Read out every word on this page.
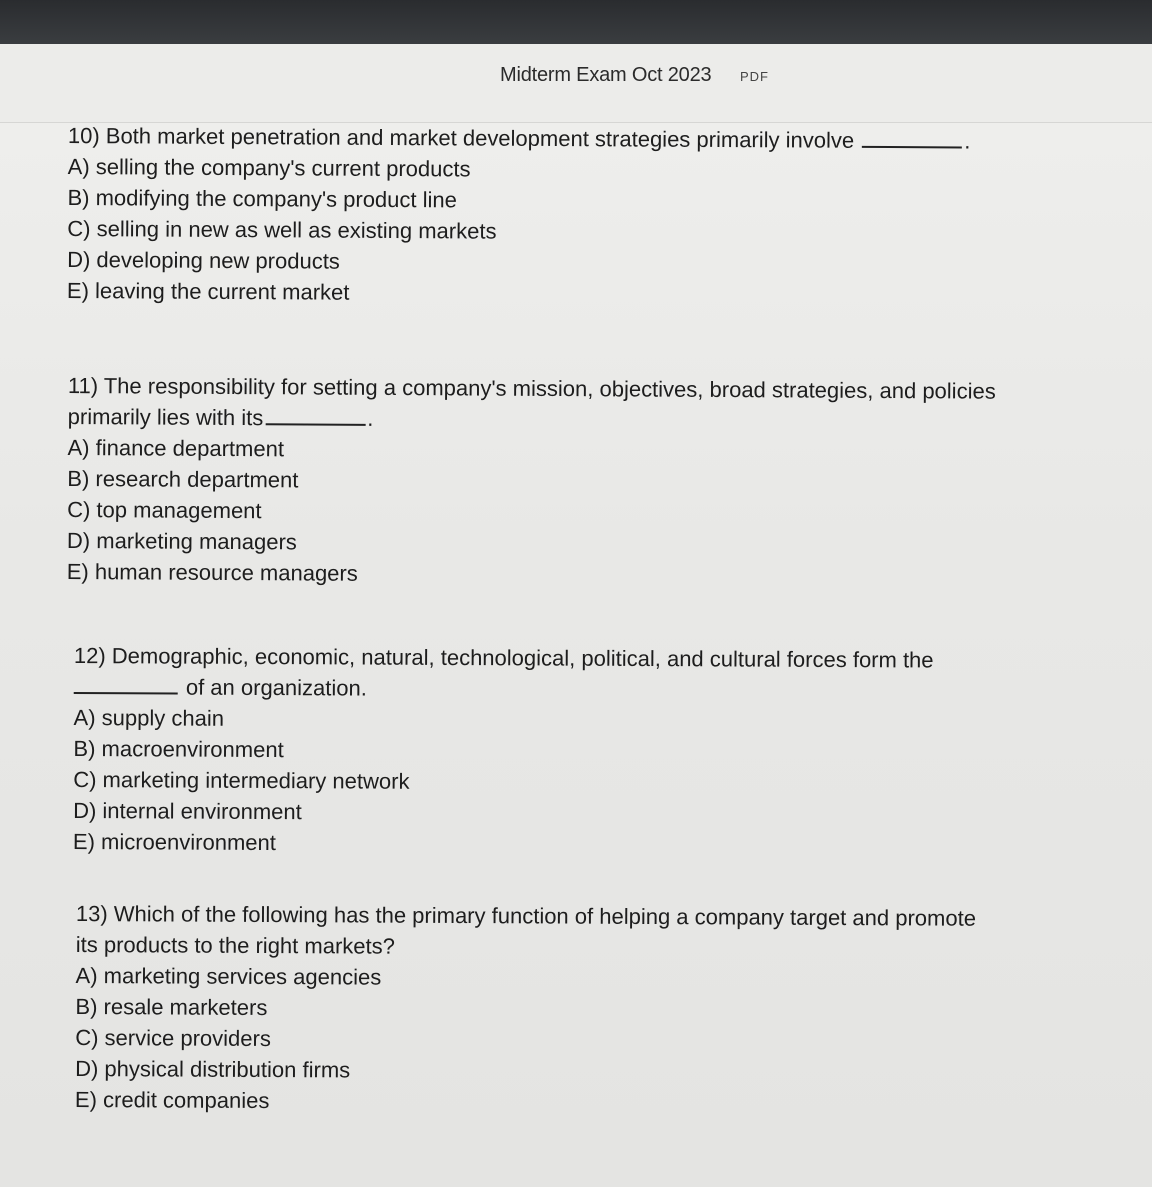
Midterm Exam Oct 2023 PDF
10) Both market penetration and market development strategies primarily involve	.
A) selling the company's current products
B) modifying the company's product line
C) selling in new as well as existing markets
D) developing new products
E) leaving the current market
11) The responsibility for setting a company's mission, objectives, broad strategies, and policies
primarily lies with its	.
A) finance department
B) research department
C) top management
D) marketing managers
E) human resource managers
12) Demographic, economic, natural, technological, political, and cultural forces form the
of an organization.
A) supply chain
B) macroenvironment
C) marketing intermediary network
D) internal environment
E) microenvironment
13) Which of the following has the primary function of helping a company target and promote
its products to the right markets?
A) marketing services agencies
B) resale marketers
C) service providers
D) physical distribution firms
E) credit companies
